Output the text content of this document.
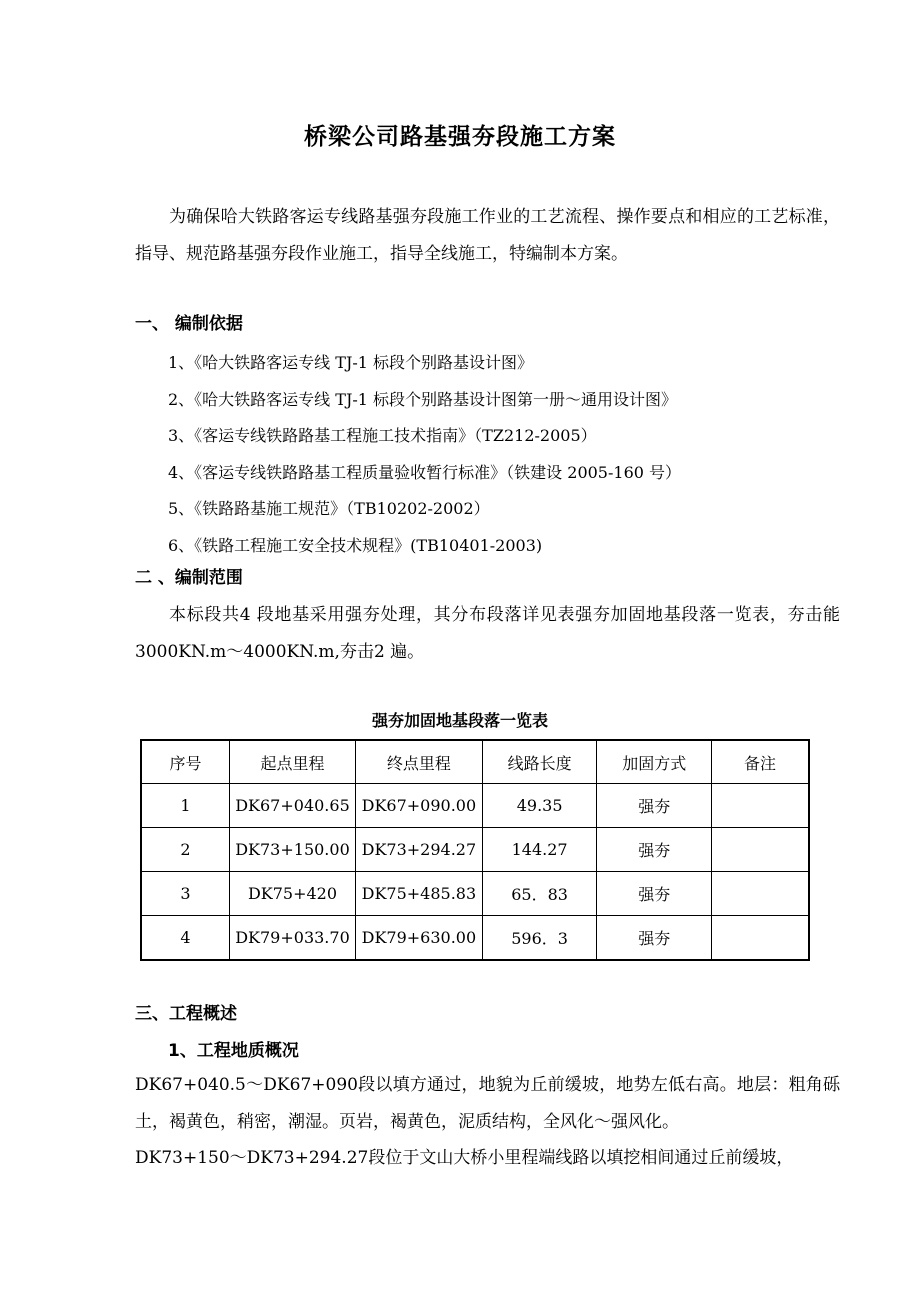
桥梁公司路基强夯段施工方案
为确保哈大铁路客运专线路基强夯段施工作业的工艺流程、操作要点和相应的工艺标准，指导、规范路基强夯段作业施工，指导全线施工，特编制本方案。
一、 编制依据
1、《哈大铁路客运专线 TJ-1 标段个别路基设计图》
2、《哈大铁路客运专线 TJ-1 标段个别路基设计图第一册～通用设计图》
3、《客运专线铁路路基工程施工技术指南》（TZ212-2005）
4、《客运专线铁路路基工程质量验收暂行标准》（铁建设 2005-160 号）
5、《铁路路基施工规范》（TB10202-2002）
6、《铁路工程施工安全技术规程》(TB10401-2003)
二 、编制范围
本标段共4 段地基采用强夯处理，其分布段落详见表强夯加固地基段落一览表，夯击能3000KN.m～4000KN.m,夯击2 遍。
强夯加固地基段落一览表
序号	起点里程	终点里程	线路长度	加固方式	备注
1	DK67+040.65	DK67+090.00	49.35	强夯	
2	DK73+150.00	DK73+294.27	144.27	强夯	
3	DK75+420	DK75+485.83	65．83	强夯	
4	DK79+033.70	DK79+630.00	596．3	强夯	
三、工程概述
1、工程地质概况
DK67+040.5～DK67+090段以填方通过，地貌为丘前缓坡，地势左低右高。地层：粗角砾土，褐黄色，稍密，潮湿。页岩，褐黄色，泥质结构，全风化～强风化。
DK73+150～DK73+294.27段位于文山大桥小里程端线路以填挖相间通过丘前缓坡，
